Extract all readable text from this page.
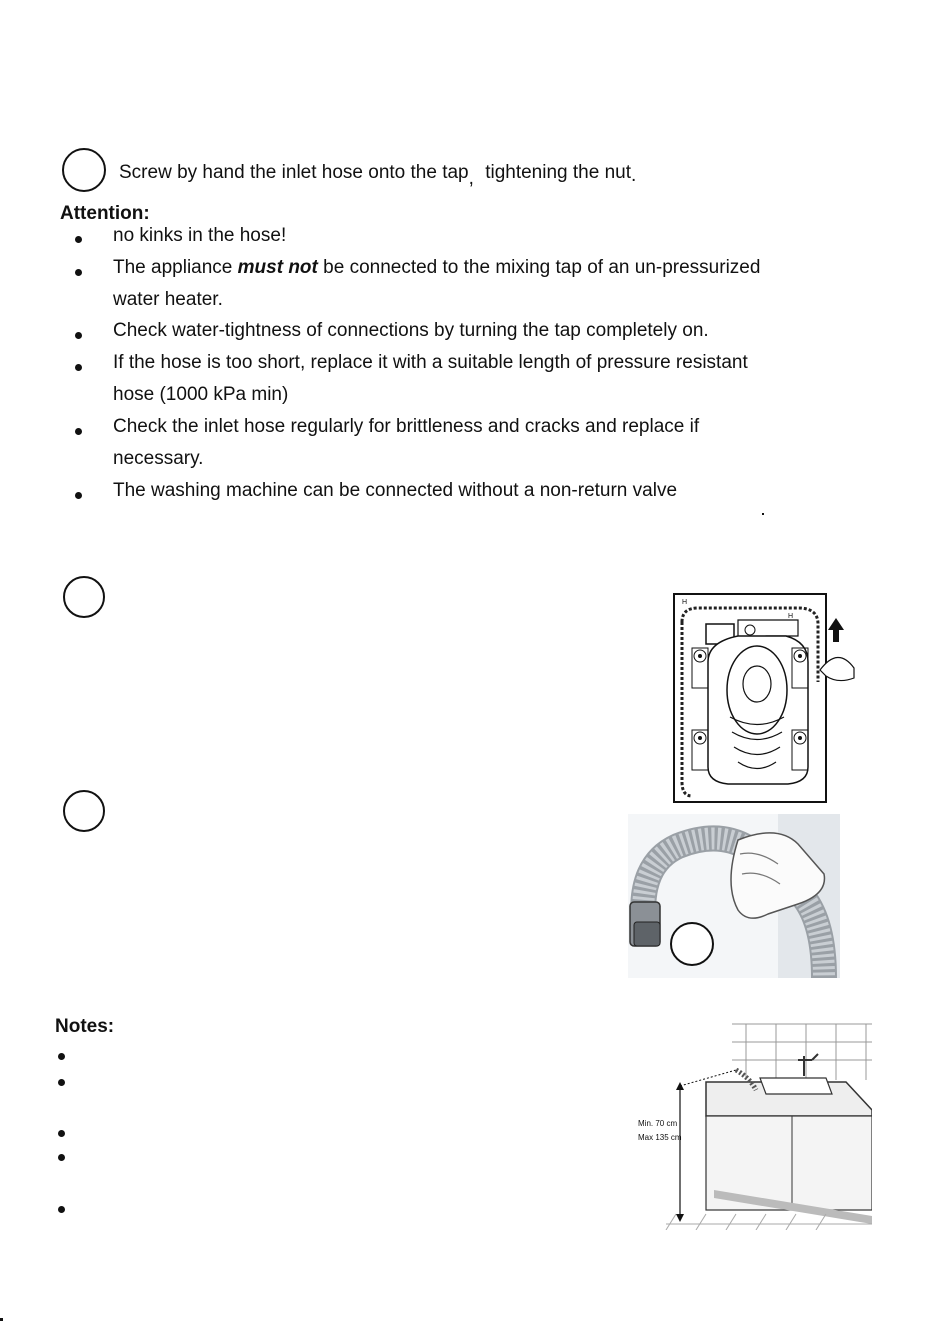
Screw by hand the inlet hose onto the tap, tightening the nut.
Attention:
no kinks in the hose!
The appliance must not be connected to the mixing tap of an un-pressurized
water heater.
Check water-tightness of connections by turning the tap completely on.
If the hose is too short, replace it with a suitable length of pressure resistant
hose (1000 kPa min)
Check the inlet hose regularly for brittleness and cracks and replace if
necessary.
The washing machine can be connected without a non-return valve
H
H
Notes:
Min. 70 cm
Max 135 cm
